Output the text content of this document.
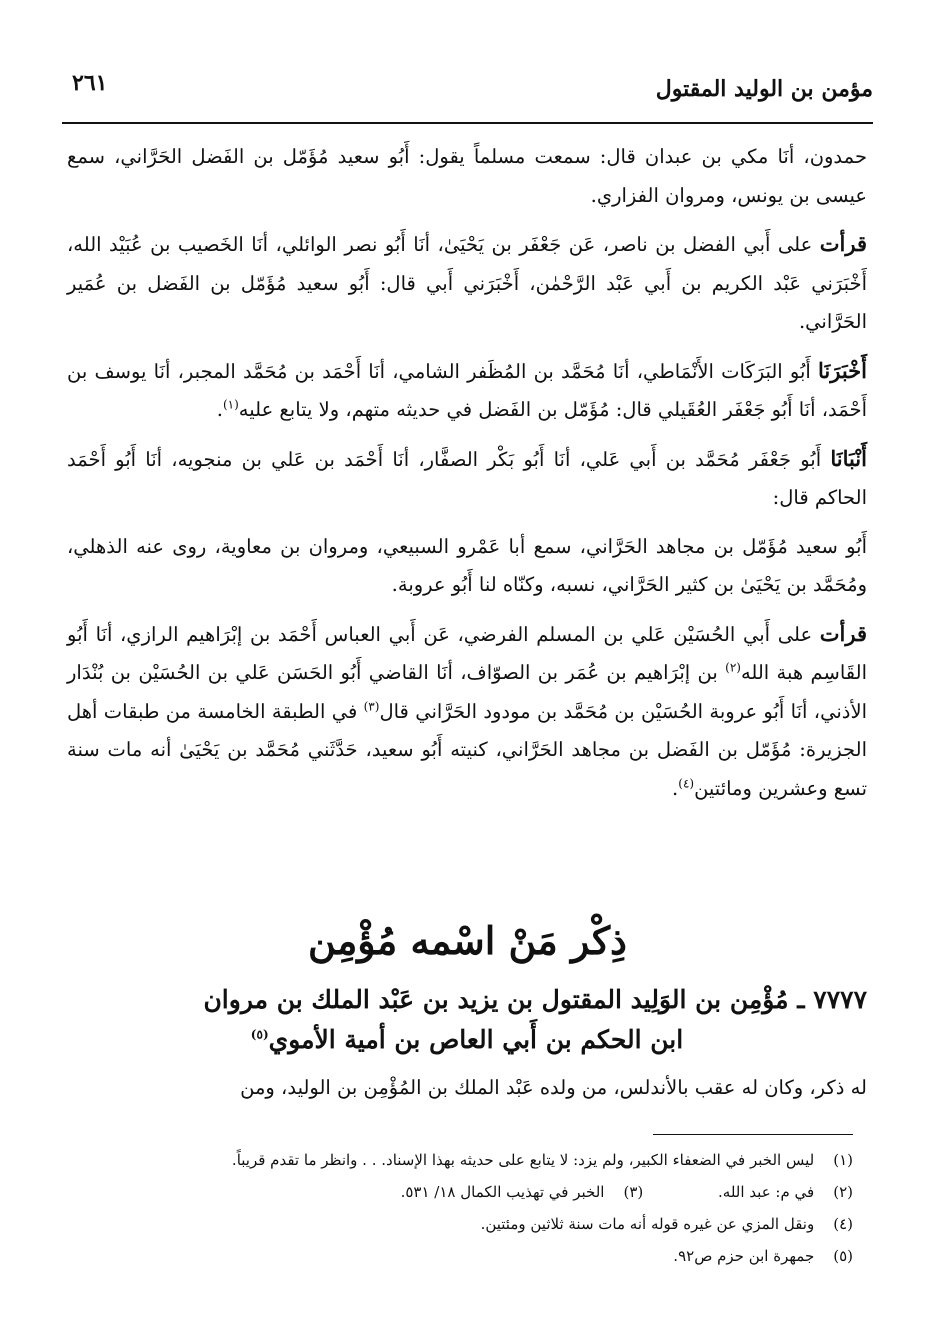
مؤمن بن الوليد المقتول
٢٦١

حمدون، أنَا مكي بن عبدان قال: سمعت مسلماً يقول: أَبُو سعيد مُؤَمّل بن الفَضل الحَرَّاني، سمع عيسى بن يونس، ومروان الفزاري.

قرأت على أَبي الفضل بن ناصر، عَن جَعْفَر بن يَحْيَىٰ، أنَا أَبُو نصر الوائلي، أنَا الخَصيب بن عُبَيْد الله، أَخْبَرَني عَبْد الكريم بن أَبي عَبْد الرَّحْمٰن، أَخْبَرَني أَبي قال: أَبُو سعيد مُؤَمّل بن الفَضل بن عُمَير الحَرَّاني.

أَخْبَرَنَا أَبُو البَرَكَات الأَنْمَاطي، أنَا مُحَمَّد بن المُظَفر الشامي، أنَا أَحْمَد بن مُحَمَّد المجبر، أنَا يوسف بن أَحْمَد، أنَا أَبُو جَعْفَر العُقَيلي قال: مُؤَمّل بن الفَضل في حديثه متهم، ولا يتابع عليه$^{(١)}$.

أَنْبَانَا أَبُو جَعْفَر مُحَمَّد بن أَبي عَلي، أنَا أَبُو بَكْر الصفَّار، أنَا أَحْمَد بن عَلي بن منجويه، أنَا أَبُو أَحْمَد الحاكم قال:

أَبُو سعيد مُؤَمّل بن مجاهد الحَرَّاني، سمع أبا عَمْرو السبيعي، ومروان بن معاوية، روى عنه الذهلي، ومُحَمَّد بن يَحْيَىٰ بن كثير الحَرَّاني، نسبه، وكنّاه لنا أَبُو عروبة.

قرأت على أَبي الحُسَيْن عَلي بن المسلم الفرضي، عَن أَبي العباس أَحْمَد بن إبْرَاهيم الرازي، أنَا أَبُو القَاسِم هبة الله$^{(٢)}$ بن إبْرَاهيم بن عُمَر بن الصوّاف، أنَا القاضي أَبُو الحَسَن عَلي بن الحُسَيْن بن بُنْدَار الأذني، أنَا أَبُو عروبة الحُسَيْن بن مُحَمَّد بن مودود الحَرَّاني قال$^{(٣)}$ في الطبقة الخامسة من طبقات أهل الجزيرة: مُؤَمّل بن الفَضل بن مجاهد الحَرَّاني، كنيته أَبُو سعيد، حَدَّثَني مُحَمَّد بن يَحْيَىٰ أنه مات سنة تسع وعشرين ومائتين$^{(٤)}$.

ذِكْر مَنْ اسْمه مُؤْمِن
٧٧٧٧ ـ مُؤْمِن بن الوَلِيد المقتول بن يزيد بن عَبْد الملك بن مروان
ابن الحكم بن أَبي العاص بن أمية الأموي$^{(٥)}$
له ذكر، وكان له عقب بالأندلس، من ولده عَبْد الملك بن المُؤْمِن بن الوليد، ومن
(١) ليس الخبر في الضعفاء الكبير، ولم يزد: لا يتابع على حديثه بهذا الإسناد. . . وانظر ما تقدم قريباً.
(٢) في م: عبد الله. (٣) الخبر في تهذيب الكمال ١٨/ ٥٣١.
(٤) ونقل المزي عن غيره قوله أنه مات سنة ثلاثين ومئتين.
(٥) جمهرة ابن حزم ص٩٢.
